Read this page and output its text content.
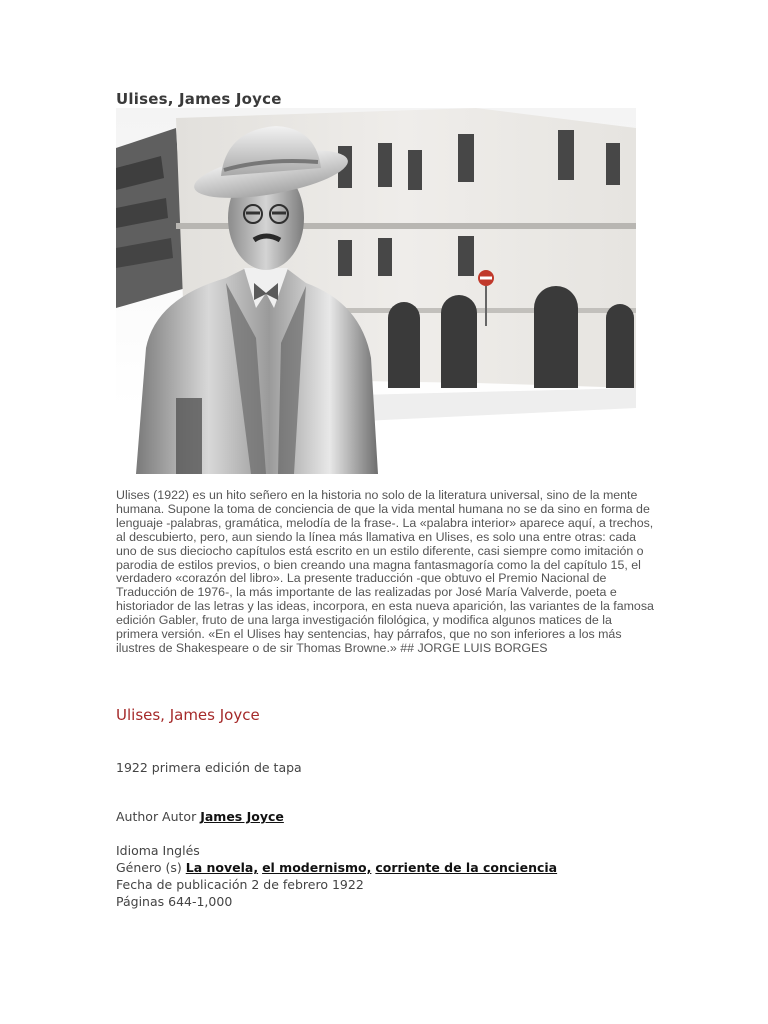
Ulises, James Joyce
Ulises (1922) es un hito señero en la historia no solo de la literatura universal, sino de la mente humana. Supone la toma de conciencia de que la vida mental humana no se da sino en forma de lenguaje -palabras, gramática, melodía de la frase-. La «palabra interior» aparece aquí, a trechos, al descubierto, pero, aun siendo la línea más llamativa en Ulises, es solo una entre otras: cada uno de sus dieciocho capítulos está escrito en un estilo diferente, casi siempre como imitación o parodia de estilos previos, o bien creando una magna fantasmagoría como la del capítulo 15, el verdadero «corazón del libro». La presente traducción -que obtuvo el Premio Nacional de Traducción de 1976-, la más importante de las realizadas por José María Valverde, poeta e historiador de las letras y las ideas, incorpora, en esta nueva aparición, las variantes de la famosa edición Gabler, fruto de una larga investigación filológica, y modifica algunos matices de la primera versión. «En el Ulises hay sentencias, hay párrafos, que no son inferiores a los más ilustres de Shakespeare o de sir Thomas Browne.» ## JORGE LUIS BORGES
Ulises, James Joyce
1922 primera edición de tapa
Author Autor James Joyce
Idioma Inglés
Género (s) La novela, el modernismo, corriente de la conciencia
Fecha de publicación 2 de febrero 1922
Páginas 644-1,000
